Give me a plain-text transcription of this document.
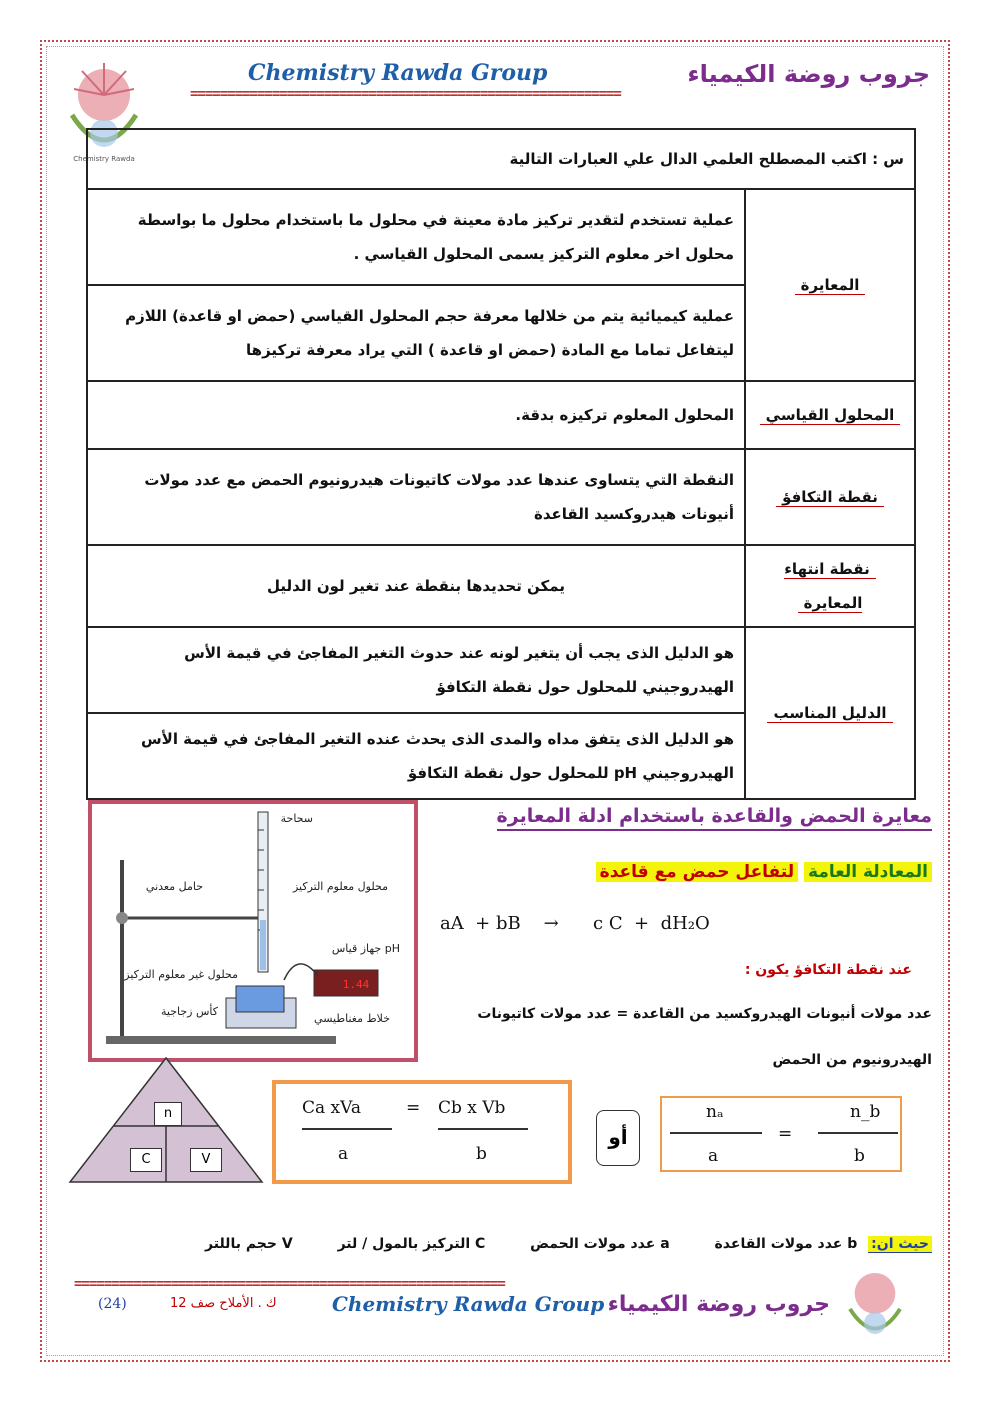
Chemistry Rawda
Chemistry Rawda Group	جروب روضة الكيمياء
==========================================================
س : اكتب المصطلح العلمي الدال علي العبارات التالية	
المعايرة	عملية تستخدم لتقدير تركيز مادة معينة في محلول ما باستخدام محلول ما بواسطة محلول اخر معلوم التركيز يسمى المحلول القياسي .
	عملية كيميائية يتم من خلالها معرفة حجم المحلول القياسي (حمض او قاعدة) اللازم ليتفاعل تماما مع المادة (حمض او قاعدة ) التي يراد معرفة تركيزها
المحلول القياسي	المحلول المعلوم تركيزه بدقة.
نقطة التكافؤ	النقطة التي يتساوى عندها عدد مولات كاتيونات هيدرونيوم الحمض مع عدد مولات أنيونات هيدروكسيد القاعدة
نقطة انتهاء المعايرة	يمكن تحديدها بنقطة عند تغير لون الدليل
الدليل المناسب	هو الدليل الذى يجب أن يتغير لونه عند حدوث التغير المفاجئ في قيمة الأس الهيدروجيني للمحلول حول نقطة التكافؤ
	هو الدليل الذى يتفق مداه والمدى الذى يحدث عنده التغير المفاجئ في قيمة الأس الهيدروجيني pH للمحلول حول نقطة التكافؤ
معايرة الحمض والقاعدة باستخدام ادلة المعايرة
1.44
سحاحة
حامل معدني	محلول معلوم التركيز
جهاز قياس pH
محلول غير معلوم التركيز
كأس زجاجية
خلاط مغناطيسي
المعادلة العامة لتفاعل حمض مع قاعدة
aA  + bB    →      c C  +  dH₂O
عند نقطة التكافؤ يكون :
عدد مولات أنيونات الهيدروكسيد من القاعدة = عدد مولات كاتيونات
الهيدرونيوم من الحمض
n
C	V
Ca xVa	= Cb x Vb
a	b
أو
nₐ	n_b
=
a	b
حيث ان: b عدد مولات القاعدة a عدد مولات الحمض C التركيز بالمول / لتر V حجم باللتر
==========================================================
(24)	ك . الأملاح صف 12	Chemistry Rawda Group جروب روضة الكيمياء
